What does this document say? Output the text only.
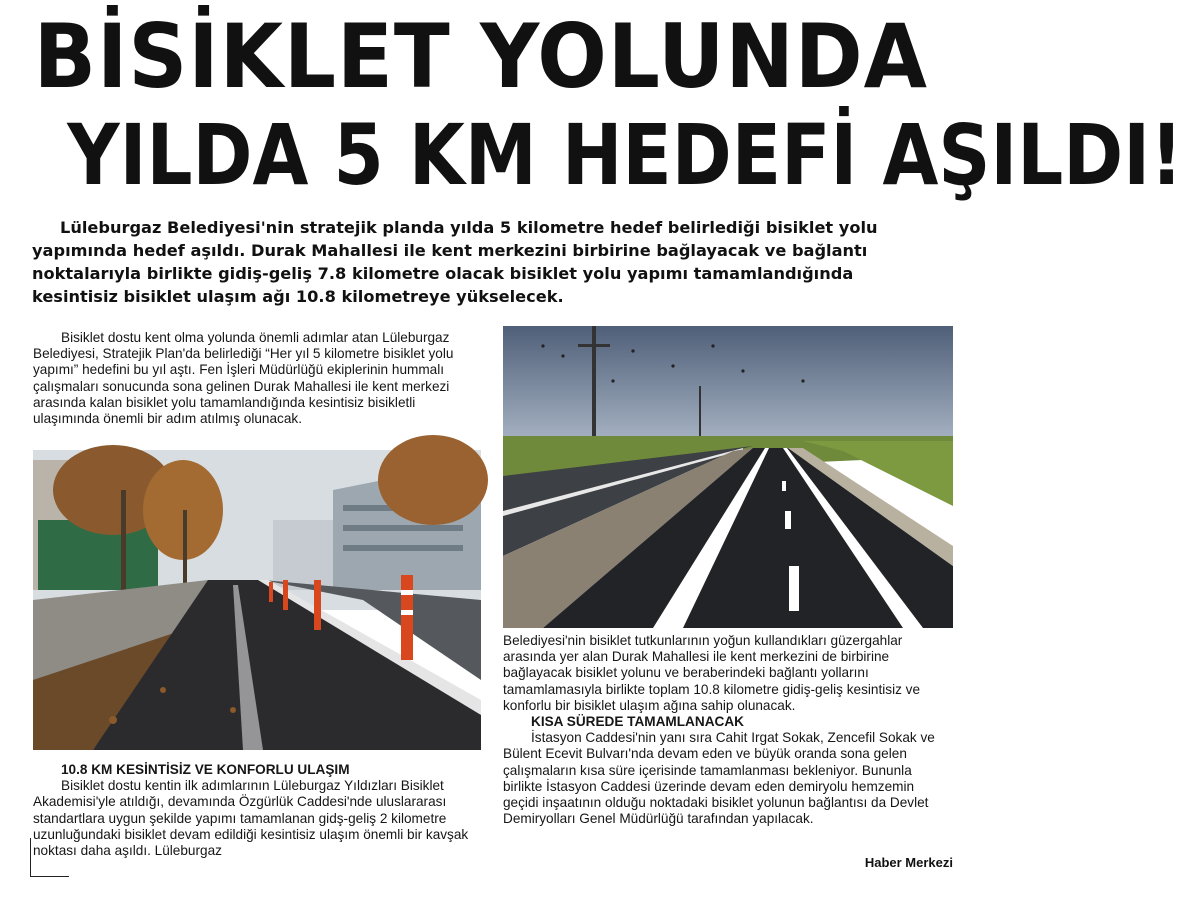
BİSİKLET YOLUNDA
YILDA 5 KM HEDEFİ AŞILDI!

Lüleburgaz Belediyesi'nin stratejik planda yılda 5 kilometre hedef belirlediği bisiklet yolu yapımında hedef aşıldı. Durak Mahallesi ile kent merkezini birbirine bağlayacak ve bağlantı noktalarıyla birlikte gidiş-geliş 7.8 kilometre olacak bisiklet yolu yapımı tamamlandığında kesintisiz bisiklet ulaşım ağı 10.8 kilometreye yükselecek.

Bisiklet dostu kent olma yolunda önemli adımlar atan Lüleburgaz Belediyesi, Stratejik Plan'da belirlediği “Her yıl 5 kilometre bisiklet yolu yapımı” hedefini bu yıl aştı. Fen İşleri Müdürlüğü ekiplerinin hummalı çalışmaları sonucunda sona gelinen Durak Mahallesi ile kent merkezi arasında kalan bisiklet yolu tamamlandığında kesintisiz bisikletli ulaşımında önemli bir adım atılmış olunacak.

10.8 KM KESİNTİSİZ VE KONFORLU ULAŞIM

Bisiklet dostu kentin ilk adımlarının Lüleburgaz Yıldızları Bisiklet Akademisi'yle atıldığı, devamında Özgürlük Caddesi'nde uluslararası standartlara uygun şekilde yapımı tamamlanan gidş-geliş 2 kilometre uzunluğundaki bisiklet devam edildiği kesintisiz ulaşım önemli bir kavşak noktası daha aşıldı. Lüleburgaz

Belediyesi'nin bisiklet tutkunlarının yoğun kullandıkları güzergahlar arasında yer alan Durak Mahallesi ile kent merkezini de birbirine bağlayacak bisiklet yolunu ve beraberindeki bağlantı yollarını tamamlamasıyla birlikte toplam 10.8 kilometre gidiş-geliş kesintisiz ve konforlu bir bisiklet ulaşım ağına sahip olunacak.

KISA SÜREDE TAMAMLANACAK

İstasyon Caddesi'nin yanı sıra Cahit Irgat Sokak, Zencefil Sokak ve Bülent Ecevit Bulvarı'nda devam eden ve büyük oranda sona gelen çalışmaların kısa süre içerisinde tamamlanması bekleniyor. Bununla birlikte İstasyon Caddesi üzerinde devam eden demiryolu hemzemin geçidi inşaatının olduğu noktadaki bisiklet yolunun bağlantısı da Devlet Demiryolları Genel Müdürlüğü tarafından yapılacak.

Haber Merkezi
